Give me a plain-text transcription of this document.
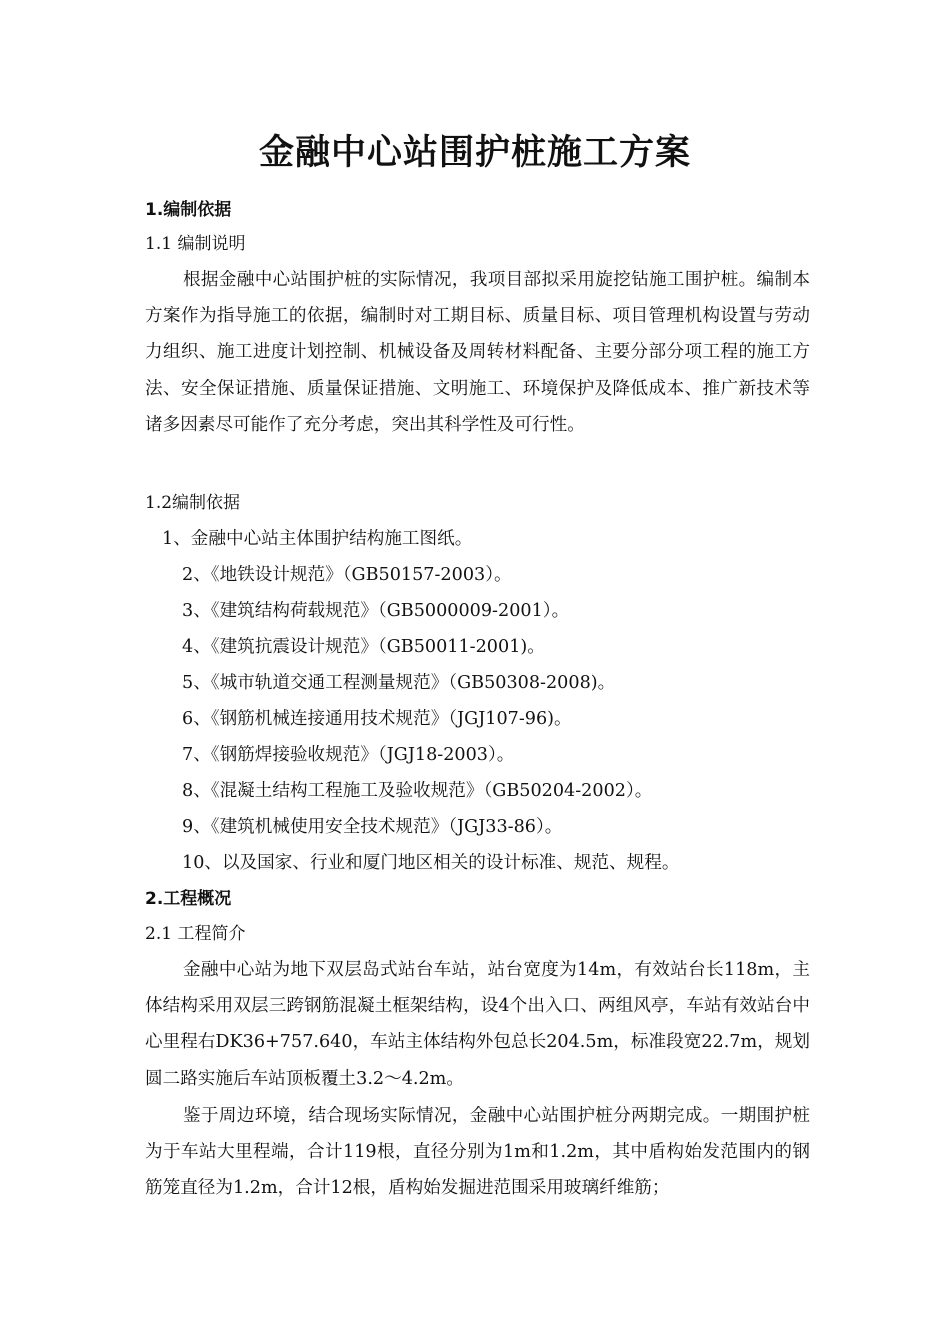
金融中心站围护桩施工方案
1.编制依据
1.1 编制说明
根据金融中心站围护桩的实际情况，我项目部拟采用旋挖钻施工围护桩。编制本方案作为指导施工的依据，编制时对工期目标、质量目标、项目管理机构设置与劳动力组织、施工进度计划控制、机械设备及周转材料配备、主要分部分项工程的施工方法、安全保证措施、质量保证措施、文明施工、环境保护及降低成本、推广新技术等诸多因素尽可能作了充分考虑，突出其科学性及可行性。
1.2编制依据
1、金融中心站主体围护结构施工图纸。
2、《地铁设计规范》（GB50157-2003）。
3、《建筑结构荷载规范》（GB5000009-2001）。
4、《建筑抗震设计规范》（GB50011-2001)。
5、《城市轨道交通工程测量规范》（GB50308-2008)。
6、《钢筋机械连接通用技术规范》（JGJ107-96)。
7、《钢筋焊接验收规范》（JGJ18-2003）。
8、《混凝土结构工程施工及验收规范》（GB50204-2002）。
9、《建筑机械使用安全技术规范》（JGJ33-86）。
10、以及国家、行业和厦门地区相关的设计标准、规范、规程。
2.工程概况
2.1 工程简介
金融中心站为地下双层岛式站台车站，站台宽度为14m，有效站台长118m，主体结构采用双层三跨钢筋混凝土框架结构，设4个出入口、两组风亭，车站有效站台中心里程右DK36+757.640，车站主体结构外包总长204.5m，标准段宽22.7m，规划圆二路实施后车站顶板覆土3.2～4.2m。
鉴于周边环境，结合现场实际情况，金融中心站围护桩分两期完成。一期围护桩为于车站大里程端，合计119根，直径分别为1m和1.2m，其中盾构始发范围内的钢筋笼直径为1.2m，合计12根，盾构始发掘进范围采用玻璃纤维筋；
